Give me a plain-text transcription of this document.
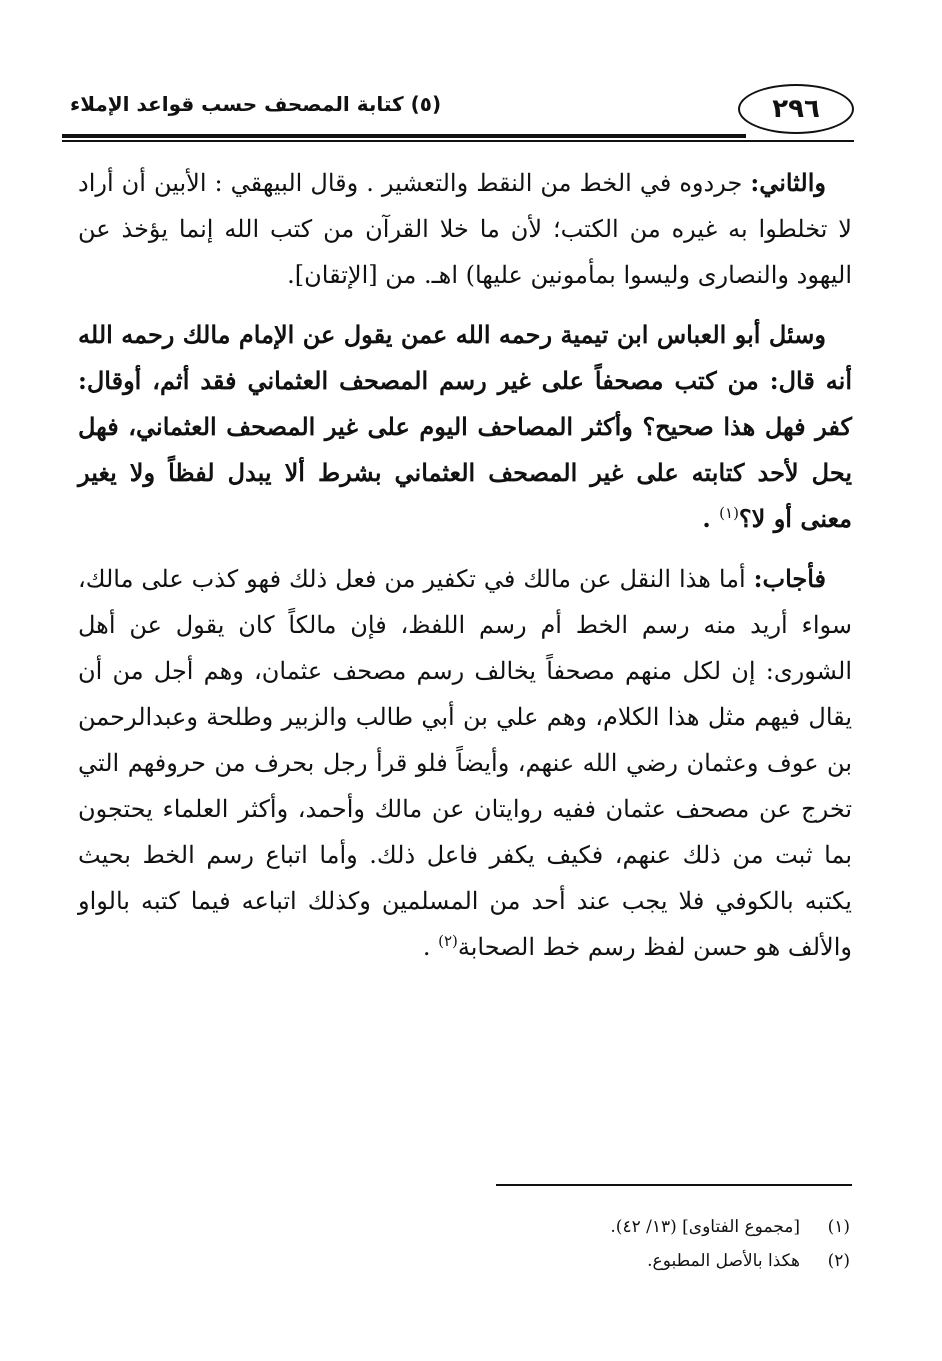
٢٩٦
(٥) كتابة المصحف حسب قواعد الإملاء

والثاني: جردوه في الخط من النقط والتعشير . وقال البيهقي : الأبين أن أراد لا تخلطوا به غيره من الكتب؛ لأن ما خلا القرآن من كتب الله إنما يؤخذ عن اليهود والنصارى وليسوا بمأمونين عليها) اهـ. من [الإتقان].

وسئل أبو العباس ابن تيمية رحمه الله عمن يقول عن الإمام مالك رحمه الله أنه قال: من كتب مصحفاً على غير رسم المصحف العثماني فقد أثم، أوقال: كفر فهل هذا صحيح؟ وأكثر المصاحف اليوم على غير المصحف العثماني، فهل يحل لأحد كتابته على غير المصحف العثماني بشرط ألا يبدل لفظاً ولا يغير معنى أو لا؟$^{(١)}$ .

فأجاب: أما هذا النقل عن مالك في تكفير من فعل ذلك فهو كذب على مالك، سواء أريد منه رسم الخط أم رسم اللفظ، فإن مالكاً كان يقول عن أهل الشورى: إن لكل منهم مصحفاً يخالف رسم مصحف عثمان، وهم أجل من أن يقال فيهم مثل هذا الكلام، وهم علي بن أبي طالب والزبير وطلحة وعبدالرحمن بن عوف وعثمان رضي الله عنهم، وأيضاً فلو قرأ رجل بحرف من حروفهم التي تخرج عن مصحف عثمان ففيه روايتان عن مالك وأحمد، وأكثر العلماء يحتجون بما ثبت من ذلك عنهم، فكيف يكفر فاعل ذلك. وأما اتباع رسم الخط بحيث يكتبه بالكوفي فلا يجب عند أحد من المسلمين وكذلك اتباعه فيما كتبه بالواو والألف هو حسن لفظ رسم خط الصحابة$^{(٢)}$ .

(١)
[مجموع الفتاوى] (١٣/ ٤٢).
(٢)
هكذا بالأصل المطبوع.
